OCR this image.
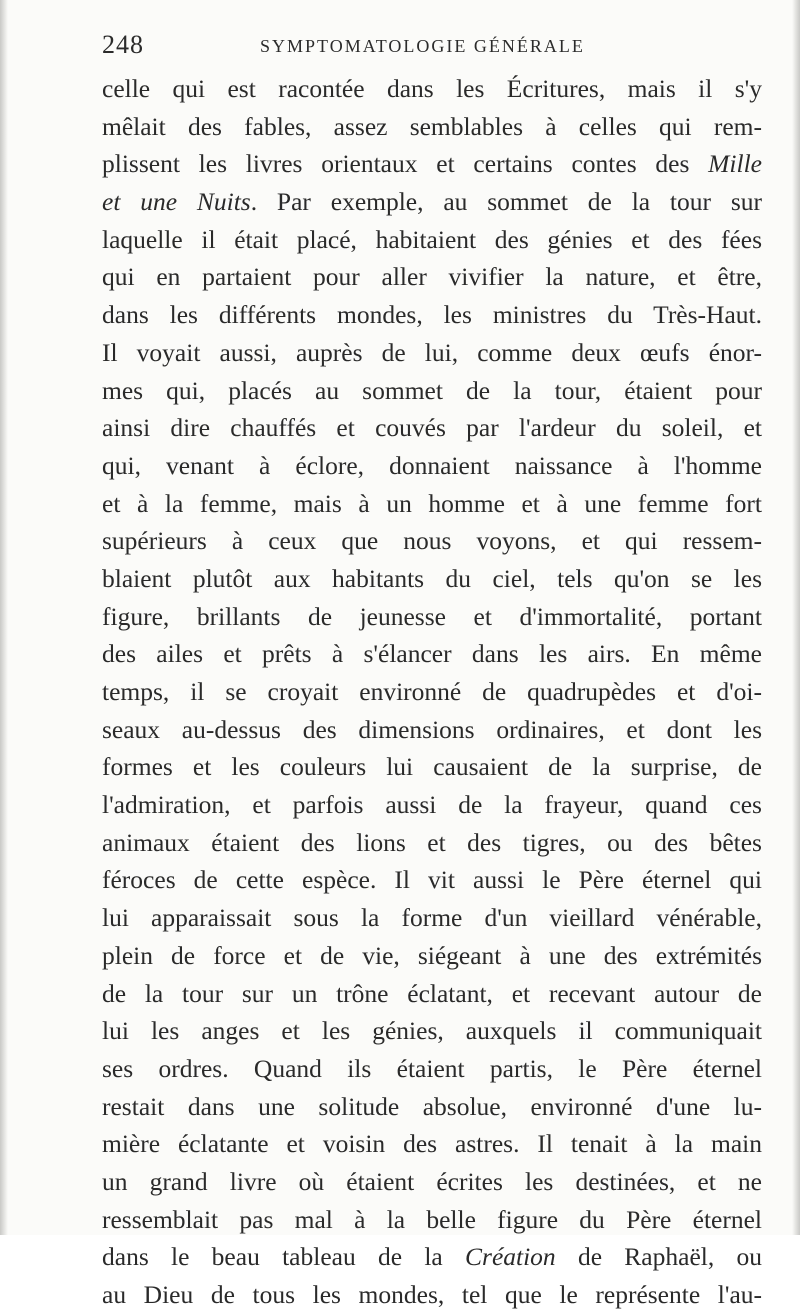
248	SYMPTOMATOLOGIE GÉNÉRALE
celle qui est racontée dans les Écritures, mais il s'y
mêlait des fables, assez semblables à celles qui rem-
plissent les livres orientaux et certains contes des Mille
et une Nuits. Par exemple, au sommet de la tour sur
laquelle il était placé, habitaient des génies et des fées
qui en partaient pour aller vivifier la nature, et être,
dans les différents mondes, les ministres du Très-Haut.
Il voyait aussi, auprès de lui, comme deux œufs énor-
mes qui, placés au sommet de la tour, étaient pour
ainsi dire chauffés et couvés par l'ardeur du soleil, et
qui, venant à éclore, donnaient naissance à l'homme
et à la femme, mais à un homme et à une femme fort
supérieurs à ceux que nous voyons, et qui ressem-
blaient plutôt aux habitants du ciel, tels qu'on se les
figure, brillants de jeunesse et d'immortalité, portant
des ailes et prêts à s'élancer dans les airs. En même
temps, il se croyait environné de quadrupèdes et d'oi-
seaux au-dessus des dimensions ordinaires, et dont les
formes et les couleurs lui causaient de la surprise, de
l'admiration, et parfois aussi de la frayeur, quand ces
animaux étaient des lions et des tigres, ou des bêtes
féroces de cette espèce. Il vit aussi le Père éternel qui
lui apparaissait sous la forme d'un vieillard vénérable,
plein de force et de vie, siégeant à une des extrémités
de la tour sur un trône éclatant, et recevant autour de
lui les anges et les génies, auxquels il communiquait
ses ordres. Quand ils étaient partis, le Père éternel
restait dans une solitude absolue, environné d'une lu-
mière éclatante et voisin des astres. Il tenait à la main
un grand livre où étaient écrites les destinées, et ne
ressemblait pas mal à la belle figure du Père éternel
dans le beau tableau de la Création de Raphaël, ou
au Dieu de tous les mondes, tel que le représente l'au-
